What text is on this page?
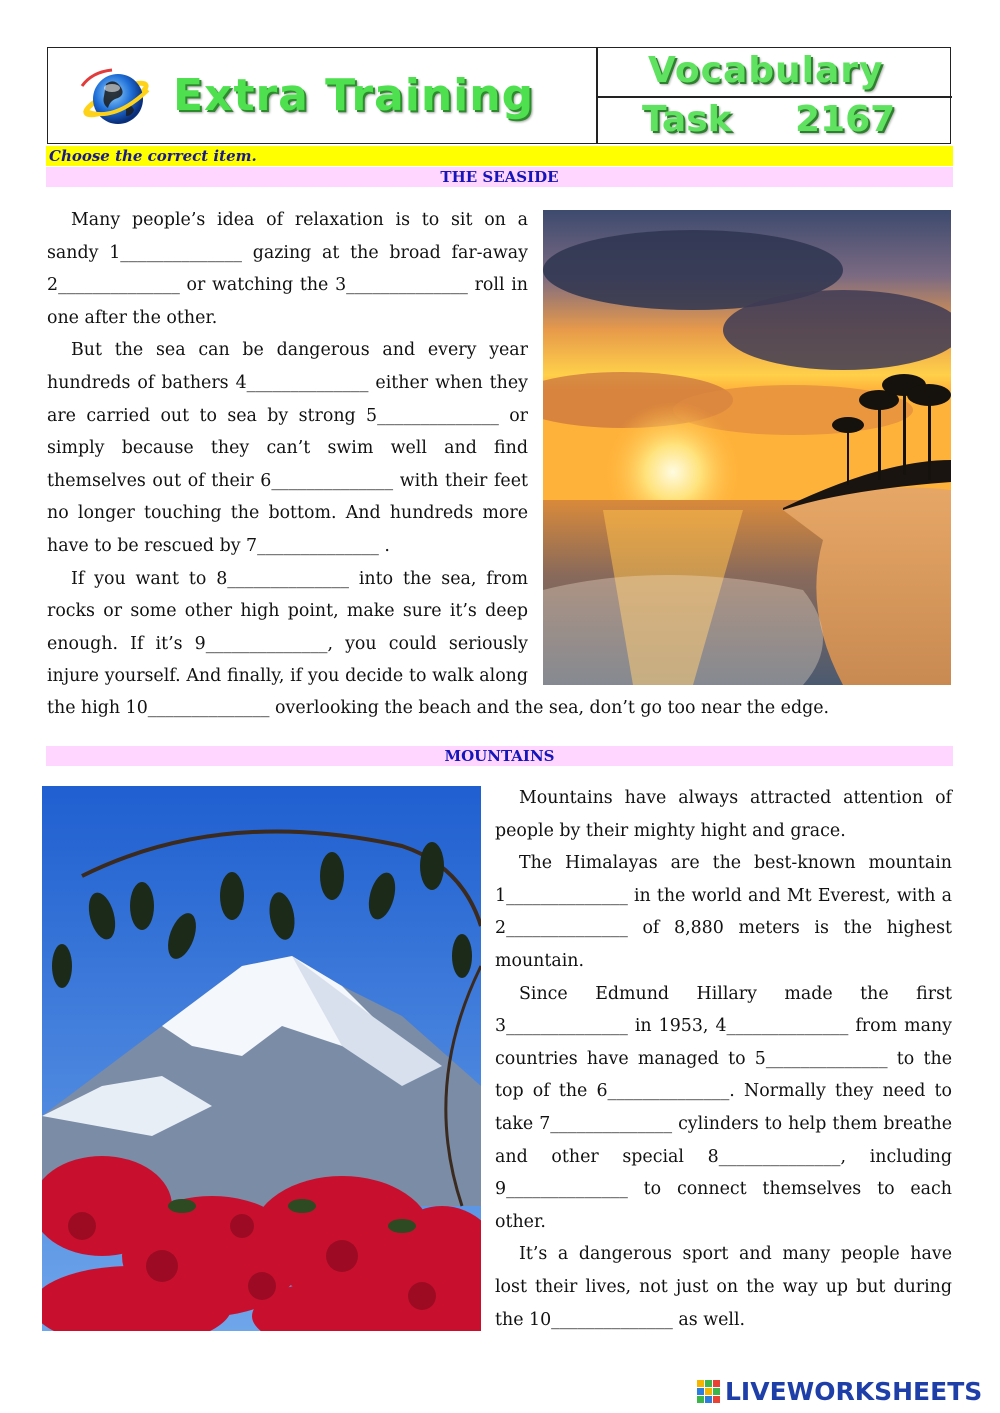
Extra Training	Vocabulary
Task 2167
Choose the correct item.
THE SEASIDE

Many people’s idea of relaxation is to sit on a sandy 1______________ gazing at the broad far-away 2______________ or watching the 3______________ roll in one after the other.

But the sea can be dangerous and every year hundreds of bathers 4______________ either when they are carried out to sea by strong 5______________ or simply because they can’t swim well and find themselves out of their 6______________ with their feet no longer touching the bottom. And hundreds more have to be rescued by 7______________ .

If you want to 8______________ into the sea, from rocks or some other high point, make sure it’s deep enough. If it’s 9______________, you could seriously injure yourself. And finally, if you decide to walk along

the high 10______________ overlooking the beach and the sea, don’t go too near the edge.
MOUNTAINS

Mountains have always attracted attention of people by their mighty hight and grace.

The Himalayas are the best-known mountain 1______________ in the world and Mt Everest, with a 2______________ of 8,880 meters is the highest mountain.

Since Edmund Hillary made the first 3______________ in 1953, 4______________ from many countries have managed to 5______________ to the top of the 6______________. Normally they need to take 7______________ cylinders to help them breathe and other special 8______________, including 9______________ to connect themselves to each other.

It’s a dangerous sport and many people have lost their lives, not just on the way up but during the 10______________ as well.

LIVEWORKSHEETS
